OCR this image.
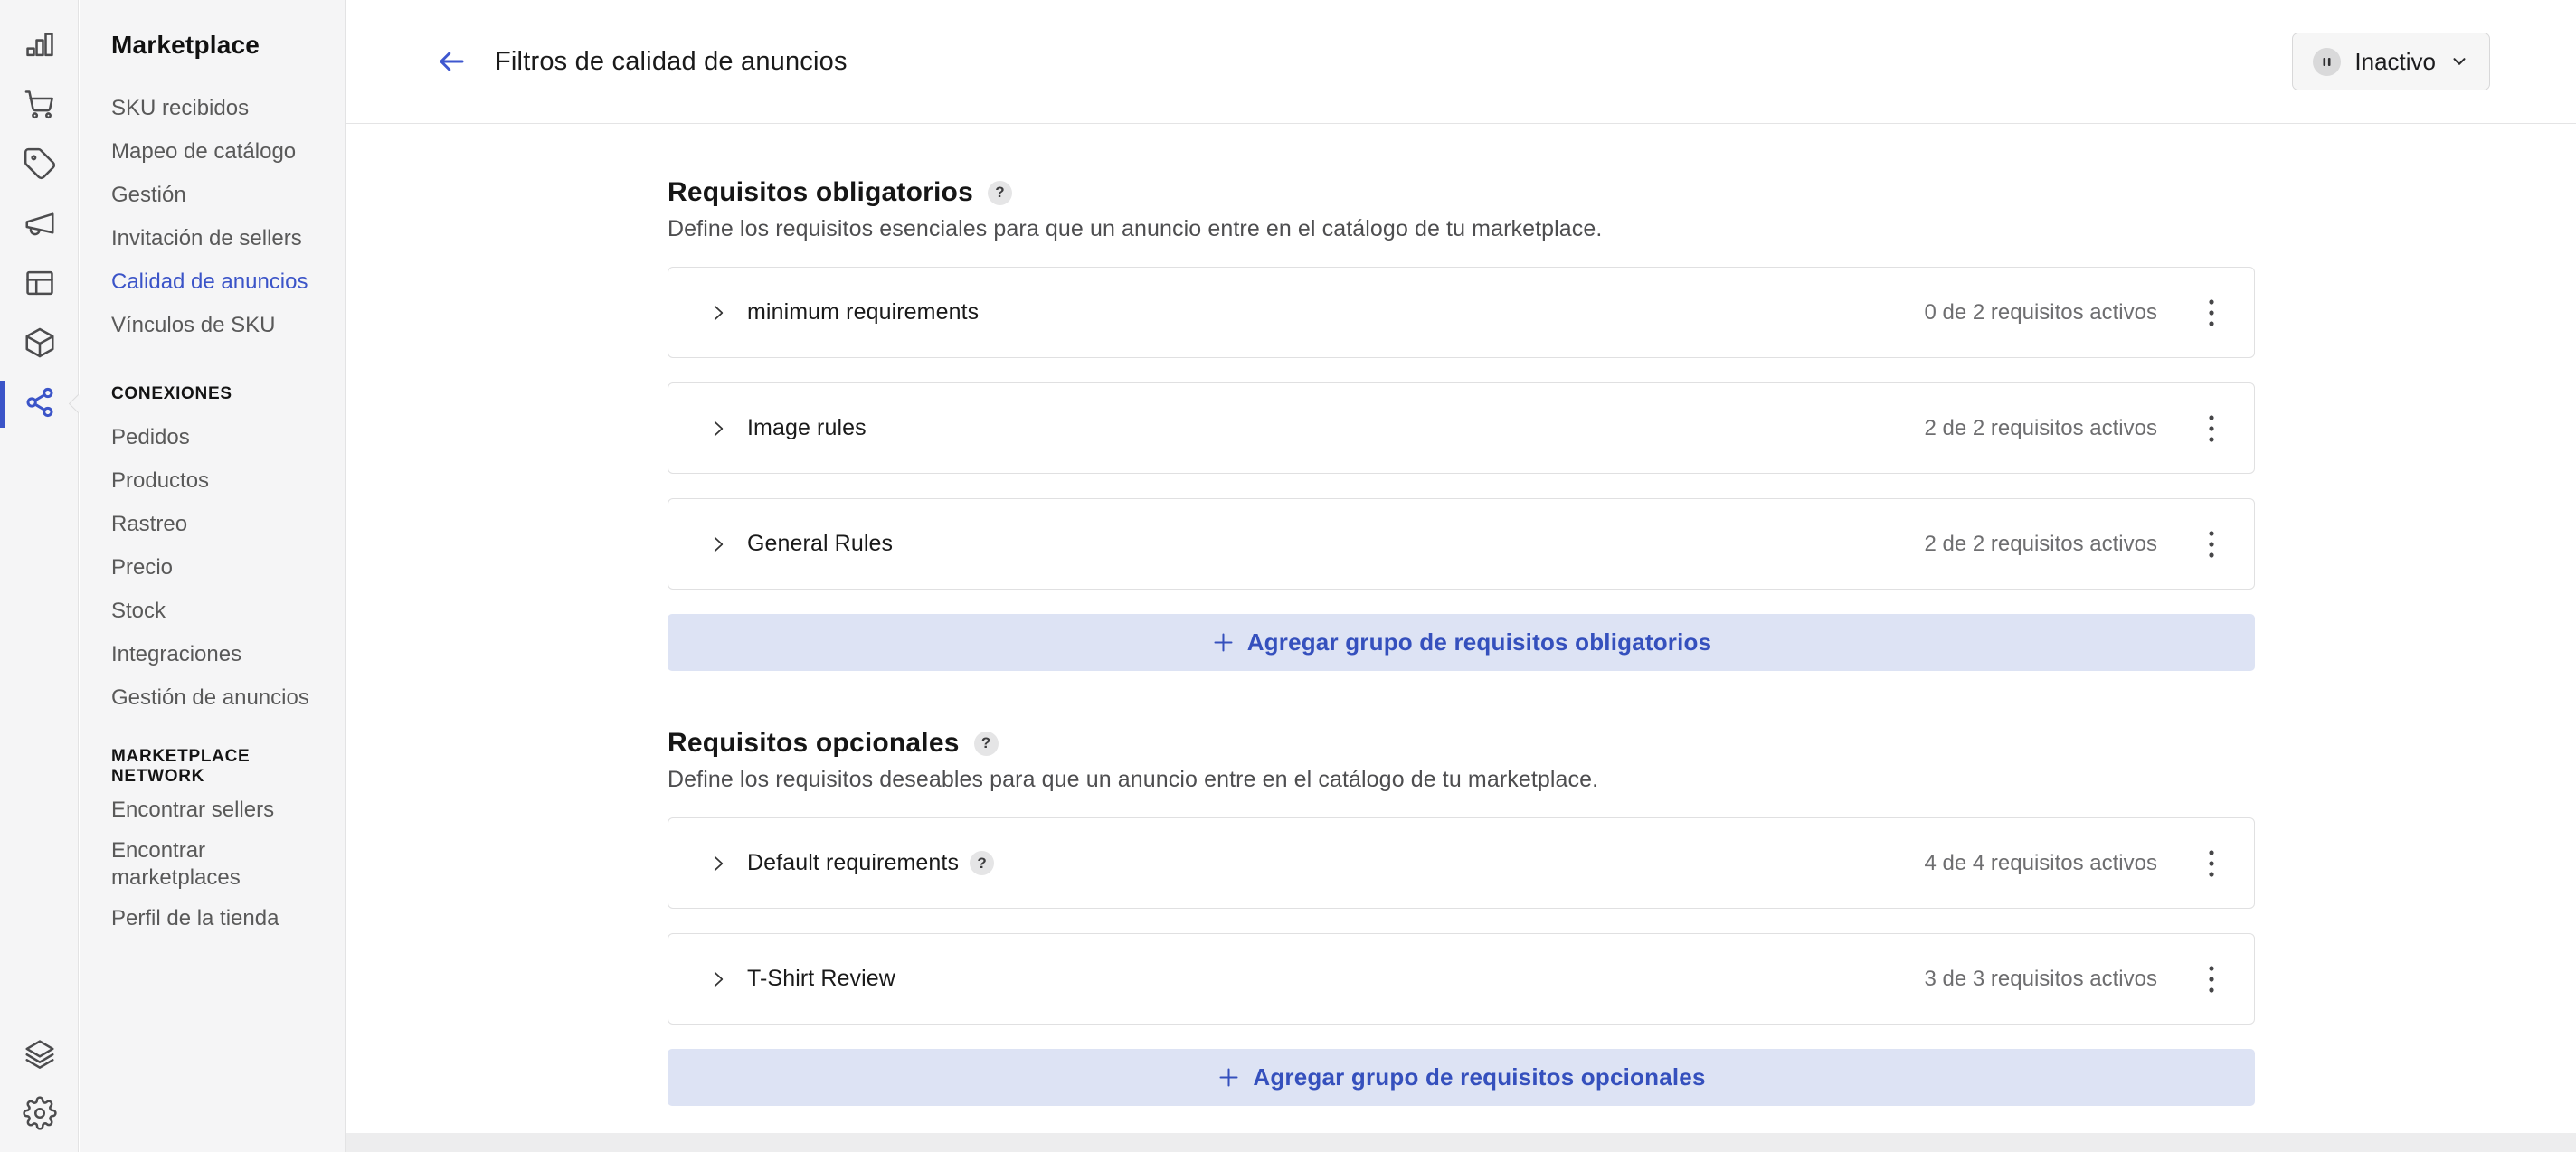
Marketplace
SKU recibidos
Mapeo de catálogo
Gestión
Invitación de sellers
Calidad de anuncios
Vínculos de SKU
CONEXIONES
Pedidos
Productos
Rastreo
Precio
Stock
Integraciones
Gestión de anuncios
MARKETPLACE NETWORK
Encontrar sellers
Encontrar marketplaces
Perfil de la tienda
Filtros de calidad de anuncios	Inactivo
Requisitos obligatorios	?

Define los requisitos esenciales para que un anuncio entre en el catálogo de tu marketplace.

minimum requirements	0 de 2 requisitos activos
Image rules	2 de 2 requisitos activos
General Rules	2 de 2 requisitos activos
Agregar grupo de requisitos obligatorios
Requisitos opcionales	?

Define los requisitos deseables para que un anuncio entre en el catálogo de tu marketplace.

Default requirements	?	4 de 4 requisitos activos
T-Shirt Review	3 de 3 requisitos activos
Agregar grupo de requisitos opcionales
